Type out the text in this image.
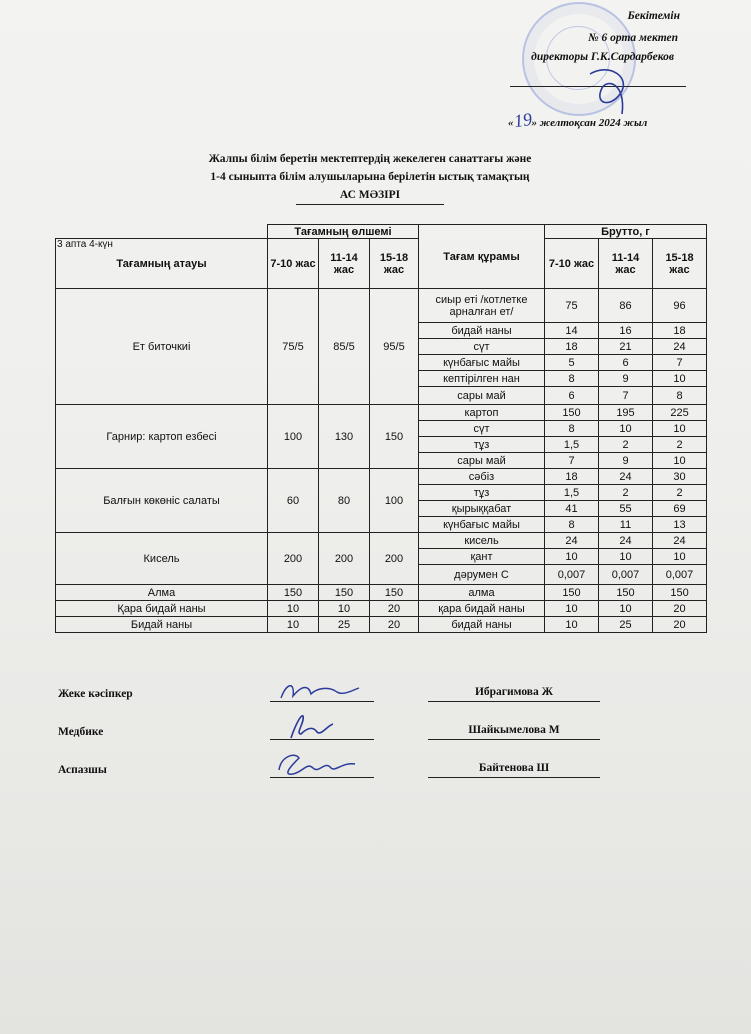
Бекітемін
№ 6 орта мектеп
директоры Г.К.Сардарбеков
«19» желтоқсан 2024 жыл
Жалпы білім беретін мектептердің жекелеген санаттағы және
1-4 сыныпта білім алушыларына берілетін ыстық тамақтың
АС МӘЗІРІ
	Тағамның өлшемі			Тағам құрамы	Брутто, г		
Тағамның атауы	7-10 жас	11-14 жас	15-18 жас		7-10 жас	11-14 жас	15-18 жас

Ет биточкиі	75/5	85/5	95/5	сиыр еті /котлетке арналған ет/	75	86	96
				бидай наны	14	16	18
				сүт	18	21	24
				күнбағыс майы	5	6	7
				кептірілген нан	8	9	10
				сары май	6	7	8
Гарнир: картоп езбесі	100	130	150	картоп	150	195	225
				сүт	8	10	10
				тұз	1,5	2	2
				сары май	7	9	10
Балғын көкөніс салаты	60	80	100	сәбіз	18	24	30
				тұз	1,5	2	2
				қырыққабат	41	55	69
				күнбағыс майы	8	11	13
Кисель	200	200	200	кисель	24	24	24
				қант	10	10	10
				дәрумен С	0,007	0,007	0,007
Алма	150	150	150	алма	150	150	150
Қара бидай наны	10	10	20	қара бидай наны	10	10	20
Бидай наны	10	25	20	бидай наны	10	25	20
3 апта 4-күн
Жеке кәсіпкер	Ибрагимова Ж
Медбике	Шайкымелова М
Аспазшы	Байтенова Ш
